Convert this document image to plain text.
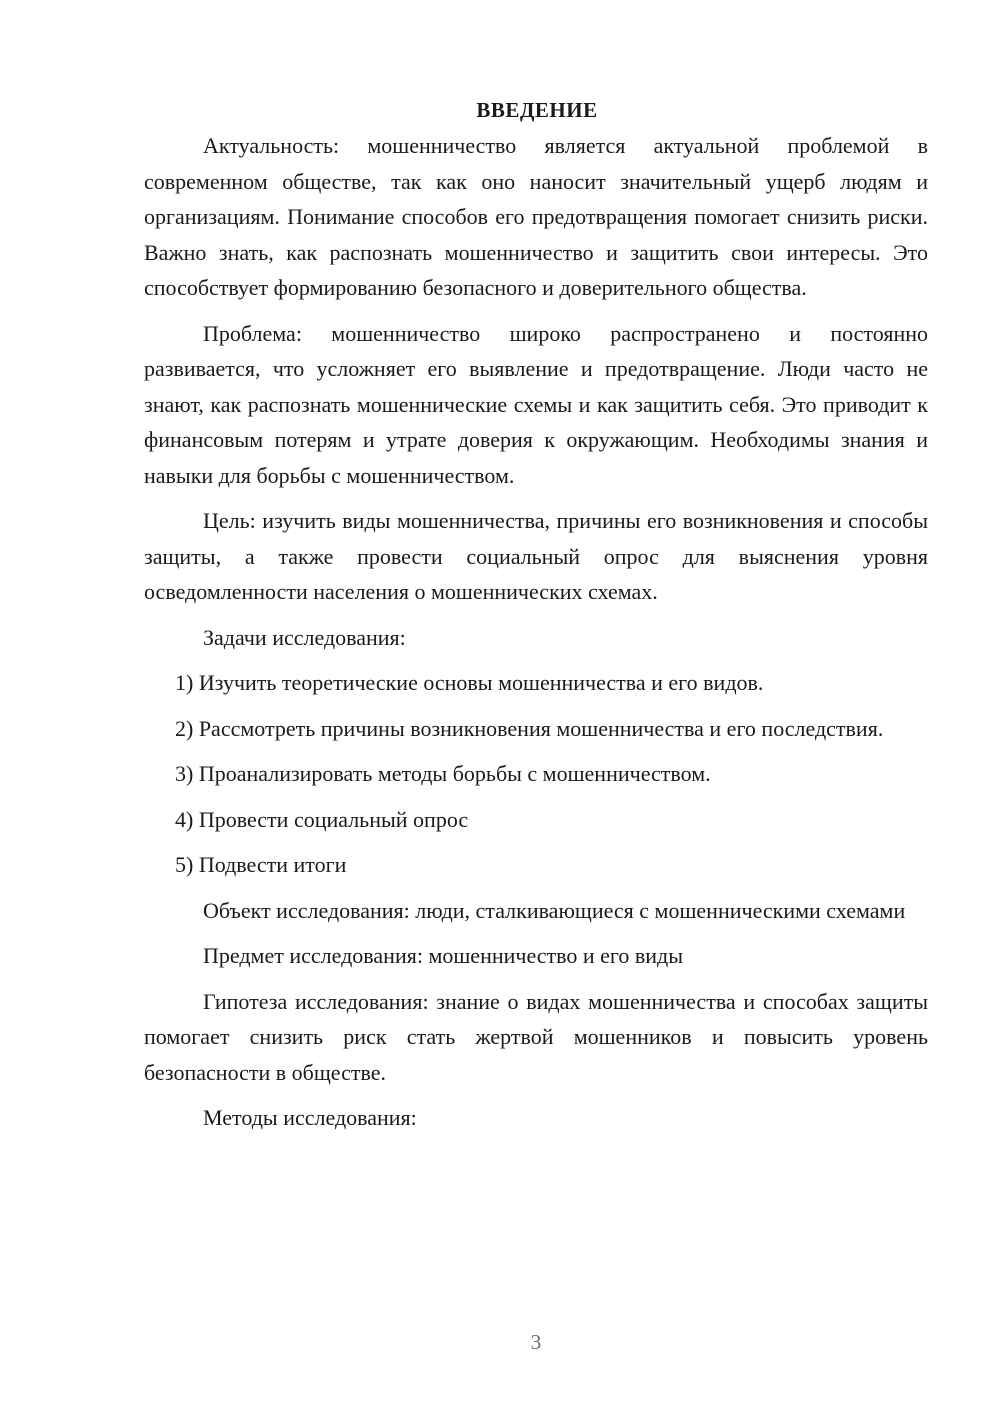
ВВЕДЕНИЕ

Актуальность: мошенничество является актуальной проблемой в современном обществе, так как оно наносит значительный ущерб людям и организациям. Понимание способов его предотвращения помогает снизить риски. Важно знать, как распознать мошенничество и защитить свои интересы. Это способствует формированию безопасного и доверительного общества.

Проблема: мошенничество широко распространено и постоянно развивается, что усложняет его выявление и предотвращение. Люди часто не знают, как распознать мошеннические схемы и как защитить себя. Это приводит к финансовым потерям и утрате доверия к окружающим. Необходимы знания и навыки для борьбы с мошенничеством.

Цель: изучить виды мошенничества, причины его возникновения и способы защиты, а также провести социальный опрос для выяснения уровня осведомленности населения о мошеннических схемах.

Задачи исследования:

1) Изучить теоретические основы мошенничества и его видов.

2) Рассмотреть причины возникновения мошенничества и его последствия.

3) Проанализировать методы борьбы с мошенничеством.

4) Провести социальный опрос

5) Подвести итоги

Объект исследования: люди, сталкивающиеся с мошенническими схемами

Предмет исследования: мошенничество и его виды

Гипотеза исследования: знание о видах мошенничества и способах защиты помогает снизить риск стать жертвой мошенников и повысить уровень безопасности в обществе.

Методы исследования:

3
